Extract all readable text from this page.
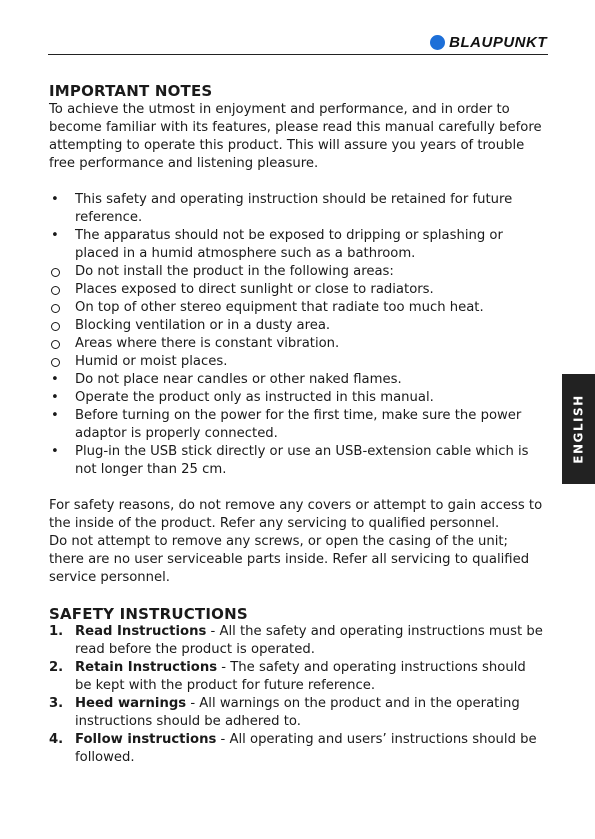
BLAUPUNKT
IMPORTANT NOTES

To achieve the utmost in enjoyment and performance, and in order to become familiar with its features, please read this manual carefully before attempting to operate this product. This will assure you years of trouble free performance and listening pleasure.

•
This safety and operating instruction should be retained for future reference.
•
The apparatus should not be exposed to dripping or splashing or placed in a humid atmosphere such as a bathroom.
Do not install the product in the following areas:
Places exposed to direct sunlight or close to radiators.
On top of other stereo equipment that radiate too much heat.
Blocking ventilation or in a dusty area.
Areas where there is constant vibration.
Humid or moist places.
•
Do not place near candles or other naked flames.
•
Operate the product only as instructed in this manual.
•
Before turning on the power for the first time, make sure the power adaptor is properly connected.
•
Plug-in the USB stick directly or use an USB-extension cable which is not longer than 25 cm.

For safety reasons, do not remove any covers or attempt to gain access to the inside of the product. Refer any servicing to qualified personnel.

Do not attempt to remove any screws, or open the casing of the unit; there are no user serviceable parts inside. Refer all servicing to qualified service personnel.

SAFETY INSTRUCTIONS
1. Read Instructions - All the safety and operating instructions must be read before the product is operated.
2. Retain Instructions - The safety and operating instructions should be kept with the product for future reference.
3. Heed warnings - All warnings on the product and in the operating instructions should be adhered to.
4. Follow instructions - All operating and users’ instructions should be followed.
ENGLISH
